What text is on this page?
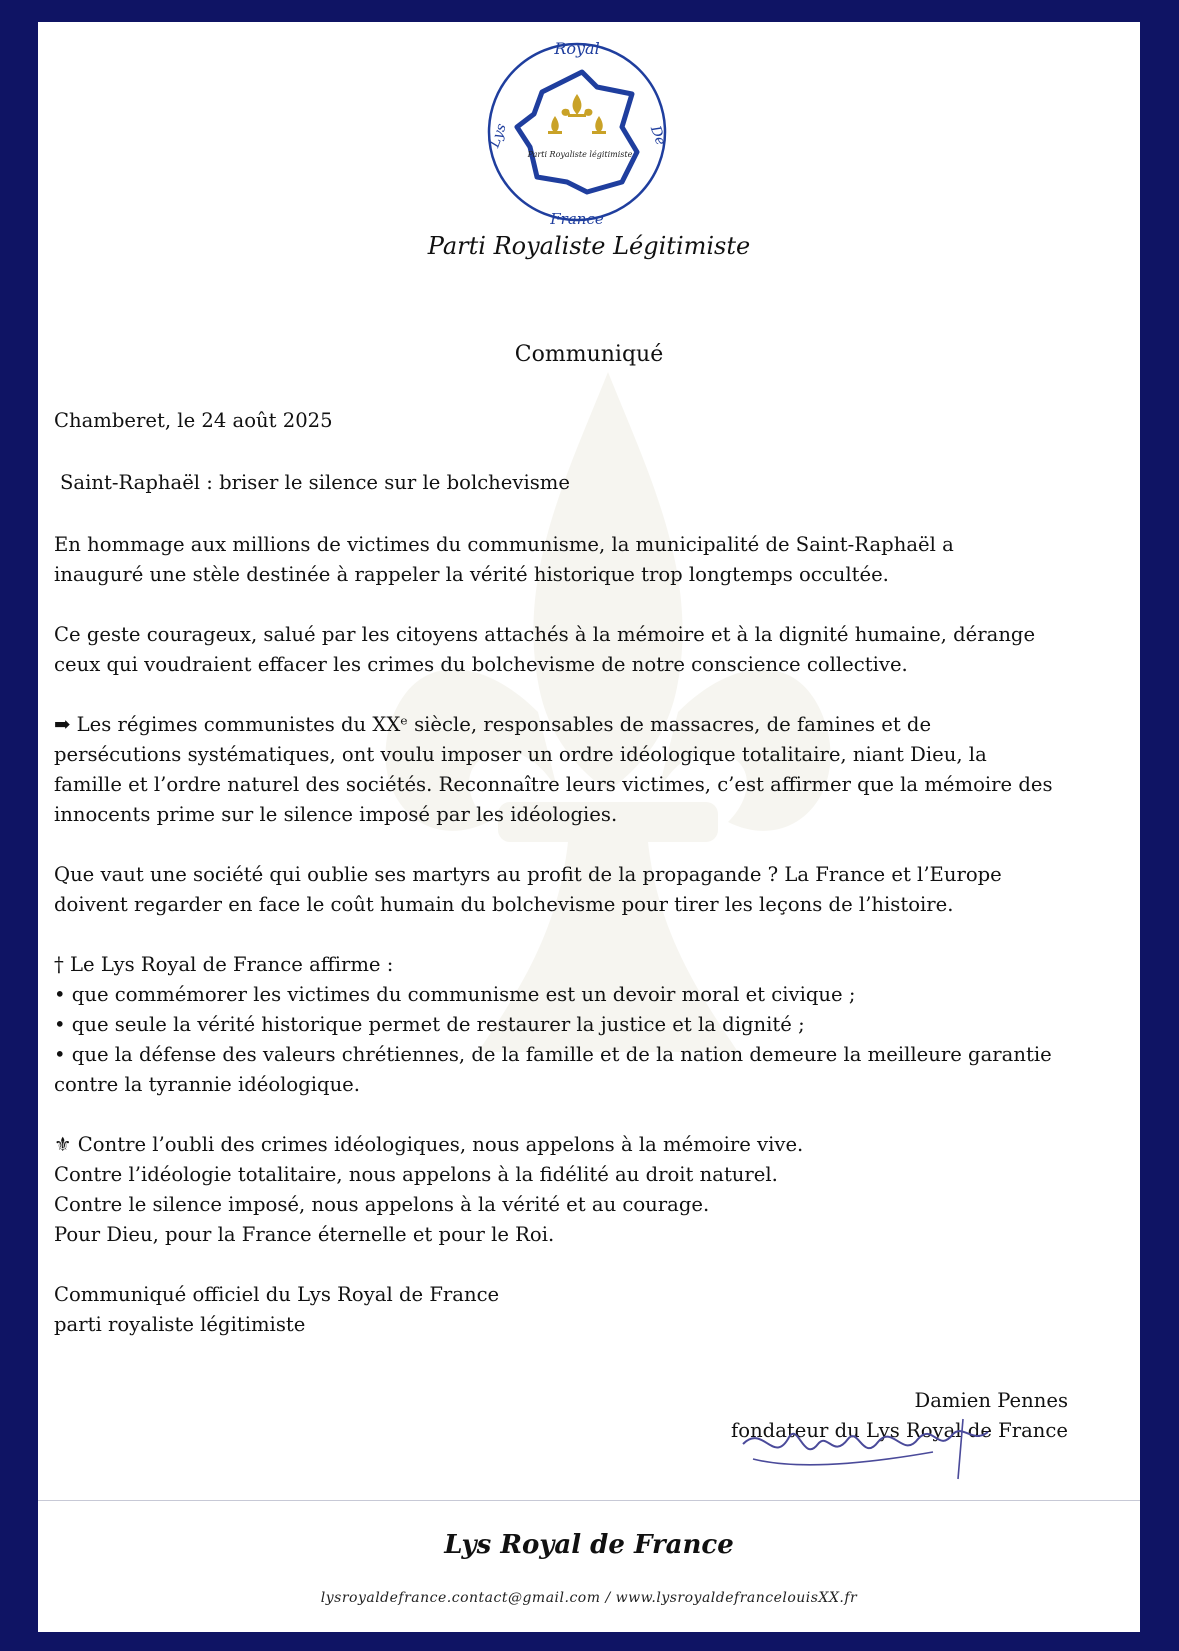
Royal
Lys	De
France
Parti Royaliste légitimiste
Parti Royaliste Légitimiste
Communiqué

Chamberet, le 24 août 2025

Saint-Raphaël : briser le silence sur le bolchevisme

En hommage aux millions de victimes du communisme, la municipalité de Saint-Raphaël a
inauguré une stèle destinée à rappeler la vérité historique trop longtemps occultée.

Ce geste courageux, salué par les citoyens attachés à la mémoire et à la dignité humaine, dérange
ceux qui voudraient effacer les crimes du bolchevisme de notre conscience collective.

➡ Les régimes communistes du XXᵉ siècle, responsables de massacres, de famines et de
persécutions systématiques, ont voulu imposer un ordre idéologique totalitaire, niant Dieu, la
famille et l’ordre naturel des sociétés. Reconnaître leurs victimes, c’est affirmer que la mémoire des
innocents prime sur le silence imposé par les idéologies.

Que vaut une société qui oublie ses martyrs au profit de la propagande ? La France et l’Europe
doivent regarder en face le coût humain du bolchevisme pour tirer les leçons de l’histoire.

† Le Lys Royal de France affirme :
• que commémorer les victimes du communisme est un devoir moral et civique ;
• que seule la vérité historique permet de restaurer la justice et la dignité ;
• que la défense des valeurs chrétiennes, de la famille et de la nation demeure la meilleure garantie
contre la tyrannie idéologique.

⚜ Contre l’oubli des crimes idéologiques, nous appelons à la mémoire vive.
Contre l’idéologie totalitaire, nous appelons à la fidélité au droit naturel.
Contre le silence imposé, nous appelons à la vérité et au courage.
Pour Dieu, pour la France éternelle et pour le Roi.

Communiqué officiel du Lys Royal de France
parti royaliste légitimiste

Damien Pennes
fondateur du Lys Royal de France
Lys Royal de France
lysroyaldefrance.contact@gmail.com / www.lysroyaldefrancelouisXX.fr
